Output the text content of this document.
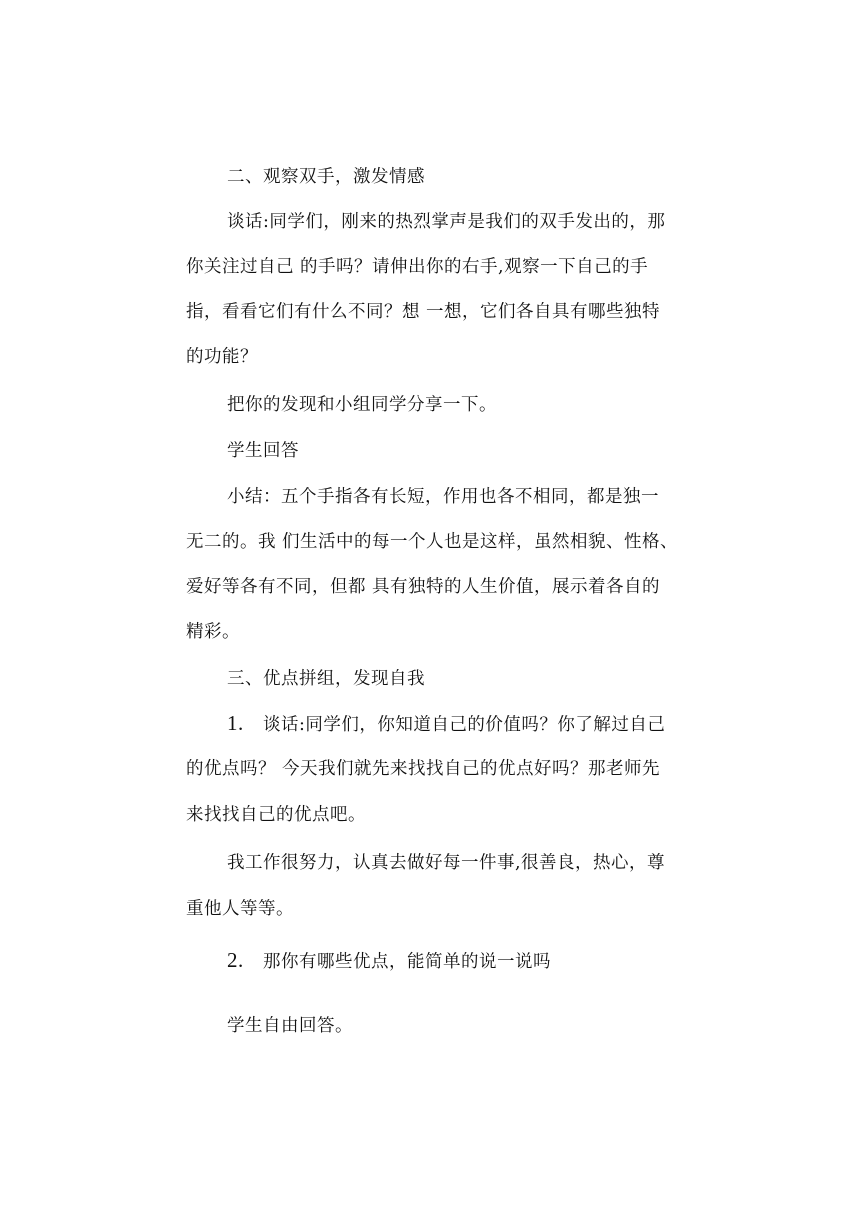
二、观察双手，激发情感
谈话:同学们，刚来的热烈掌声是我们的双手发出的，那
你关注过自己 的手吗？请伸出你的右手,观察一下自己的手
指，看看它们有什么不同？想 一想，它们各自具有哪些独特
的功能？
把你的发现和小组同学分享一下。
学生回答
小结：五个手指各有长短，作用也各不相同，都是独一
无二的。我 们生活中的每一个人也是这样，虽然相貌、性格、
爱好等各有不同，但都 具有独特的人生价值，展示着各自的
精彩。
三、优点拼组，发现自我
1. 谈话:同学们，你知道自己的价值吗？你了解过自己
的优点吗？ 今天我们就先来找找自己的优点好吗？那老师先
来找找自己的优点吧。
我工作很努力，认真去做好每一件事,很善良，热心，尊
重他人等等。
2. 那你有哪些优点，能简单的说一说吗
学生自由回答。
